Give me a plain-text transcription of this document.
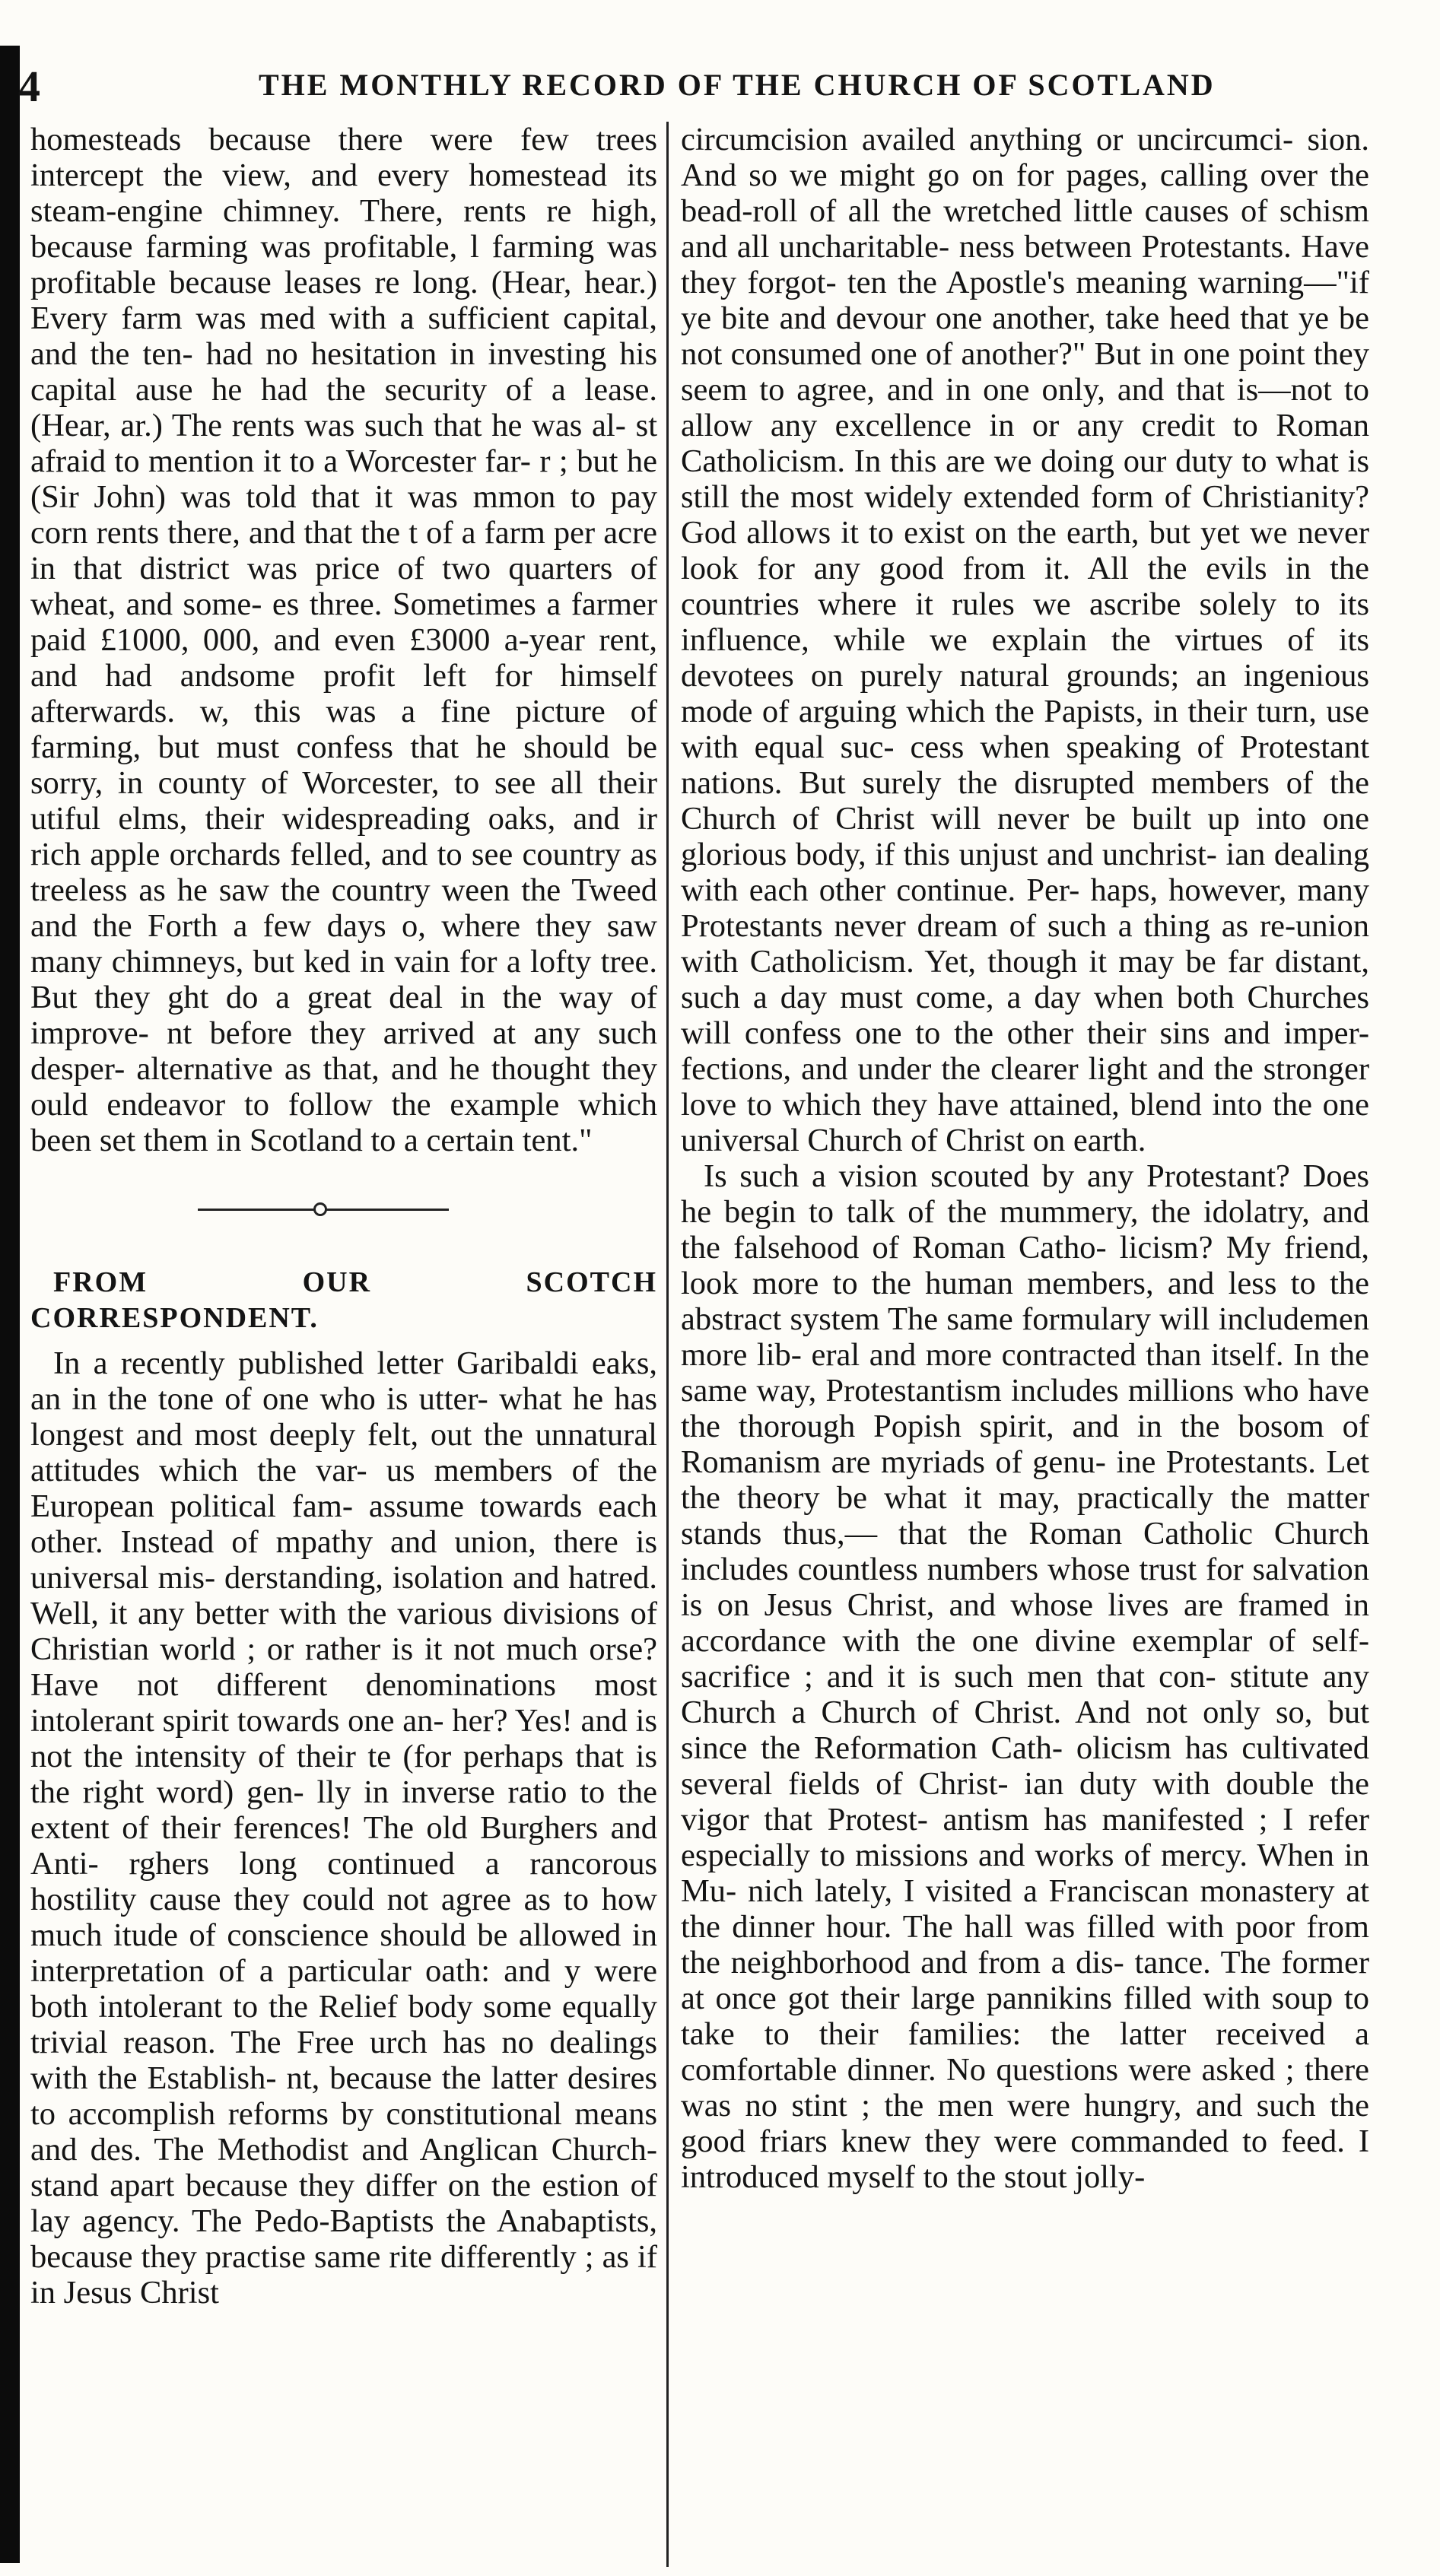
4	THE MONTHLY RECORD OF THE CHURCH OF SCOTLAND

homesteads because there were few trees intercept the view, and every homestead its steam-engine chimney. There, rents re high, because farming was profitable, l farming was profitable because leases re long. (Hear, hear.) Every farm was med with a sufficient capital, and the ten- had no hesitation in investing his capital ause he had the security of a lease. (Hear, ar.) The rents was such that he was al- st afraid to mention it to a Worcester far- r ; but he (Sir John) was told that it was mmon to pay corn rents there, and that the t of a farm per acre in that district was price of two quarters of wheat, and some- es three. Sometimes a farmer paid £1000, 000, and even £3000 a-year rent, and had andsome profit left for himself afterwards. w, this was a fine picture of farming, but must confess that he should be sorry, in county of Worcester, to see all their utiful elms, their widespreading oaks, and ir rich apple orchards felled, and to see country as treeless as he saw the country ween the Tweed and the Forth a few days o, where they saw many chimneys, but ked in vain for a lofty tree. But they ght do a great deal in the way of improve- nt before they arrived at any such desper- alternative as that, and he thought they ould endeavor to follow the example which been set them in Scotland to a certain tent."

FROM OUR SCOTCH CORRESPONDENT.

In a recently published letter Garibaldi eaks, an in the tone of one who is utter- what he has longest and most deeply felt, out the unnatural attitudes which the var- us members of the European political fam- assume towards each other. Instead of mpathy and union, there is universal mis- derstanding, isolation and hatred. Well, it any better with the various divisions of Christian world ; or rather is it not much orse? Have not different denominations most intolerant spirit towards one an- her? Yes! and is not the intensity of their te (for perhaps that is the right word) gen- lly in inverse ratio to the extent of their ferences! The old Burghers and Anti- rghers long continued a rancorous hostility cause they could not agree as to how much itude of conscience should be allowed in interpretation of a particular oath: and y were both intolerant to the Relief body some equally trivial reason. The Free urch has no dealings with the Establish- nt, because the latter desires to accomplish reforms by constitutional means and des. The Methodist and Anglican Church- stand apart because they differ on the estion of lay agency. The Pedo-Baptists the Anabaptists, because they practise same rite differently ; as if in Jesus Christ

circumcision availed anything or uncircumci- sion. And so we might go on for pages, calling over the bead-roll of all the wretched little causes of schism and all uncharitable- ness between Protestants. Have they forgot- ten the Apostle's meaning warning—"if ye bite and devour one another, take heed that ye be not consumed one of another?" But in one point they seem to agree, and in one only, and that is—not to allow any excellence in or any credit to Roman Catholicism. In this are we doing our duty to what is still the most widely extended form of Christianity? God allows it to exist on the earth, but yet we never look for any good from it. All the evils in the countries where it rules we ascribe solely to its influence, while we explain the virtues of its devotees on purely natural grounds; an ingenious mode of arguing which the Papists, in their turn, use with equal suc- cess when speaking of Protestant nations. But surely the disrupted members of the Church of Christ will never be built up into one glorious body, if this unjust and unchrist- ian dealing with each other continue. Per- haps, however, many Protestants never dream of such a thing as re-union with Catholicism. Yet, though it may be far distant, such a day must come, a day when both Churches will confess one to the other their sins and imper- fections, and under the clearer light and the stronger love to which they have attained, blend into the one universal Church of Christ on earth.

Is such a vision scouted by any Protestant? Does he begin to talk of the mummery, the idolatry, and the falsehood of Roman Catho- licism? My friend, look more to the human members, and less to the abstract system The same formulary will includemen more lib- eral and more contracted than itself. In the same way, Protestantism includes millions who have the thorough Popish spirit, and in the bosom of Romanism are myriads of genu- ine Protestants. Let the theory be what it may, practically the matter stands thus,— that the Roman Catholic Church includes countless numbers whose trust for salvation is on Jesus Christ, and whose lives are framed in accordance with the one divine exemplar of self-sacrifice ; and it is such men that con- stitute any Church a Church of Christ. And not only so, but since the Reformation Cath- olicism has cultivated several fields of Christ- ian duty with double the vigor that Protest- antism has manifested ; I refer especially to missions and works of mercy. When in Mu- nich lately, I visited a Franciscan monastery at the dinner hour. The hall was filled with poor from the neighborhood and from a dis- tance. The former at once got their large pannikins filled with soup to take to their families: the latter received a comfortable dinner. No questions were asked ; there was no stint ; the men were hungry, and such the good friars knew they were commanded to feed. I introduced myself to the stout jolly-
